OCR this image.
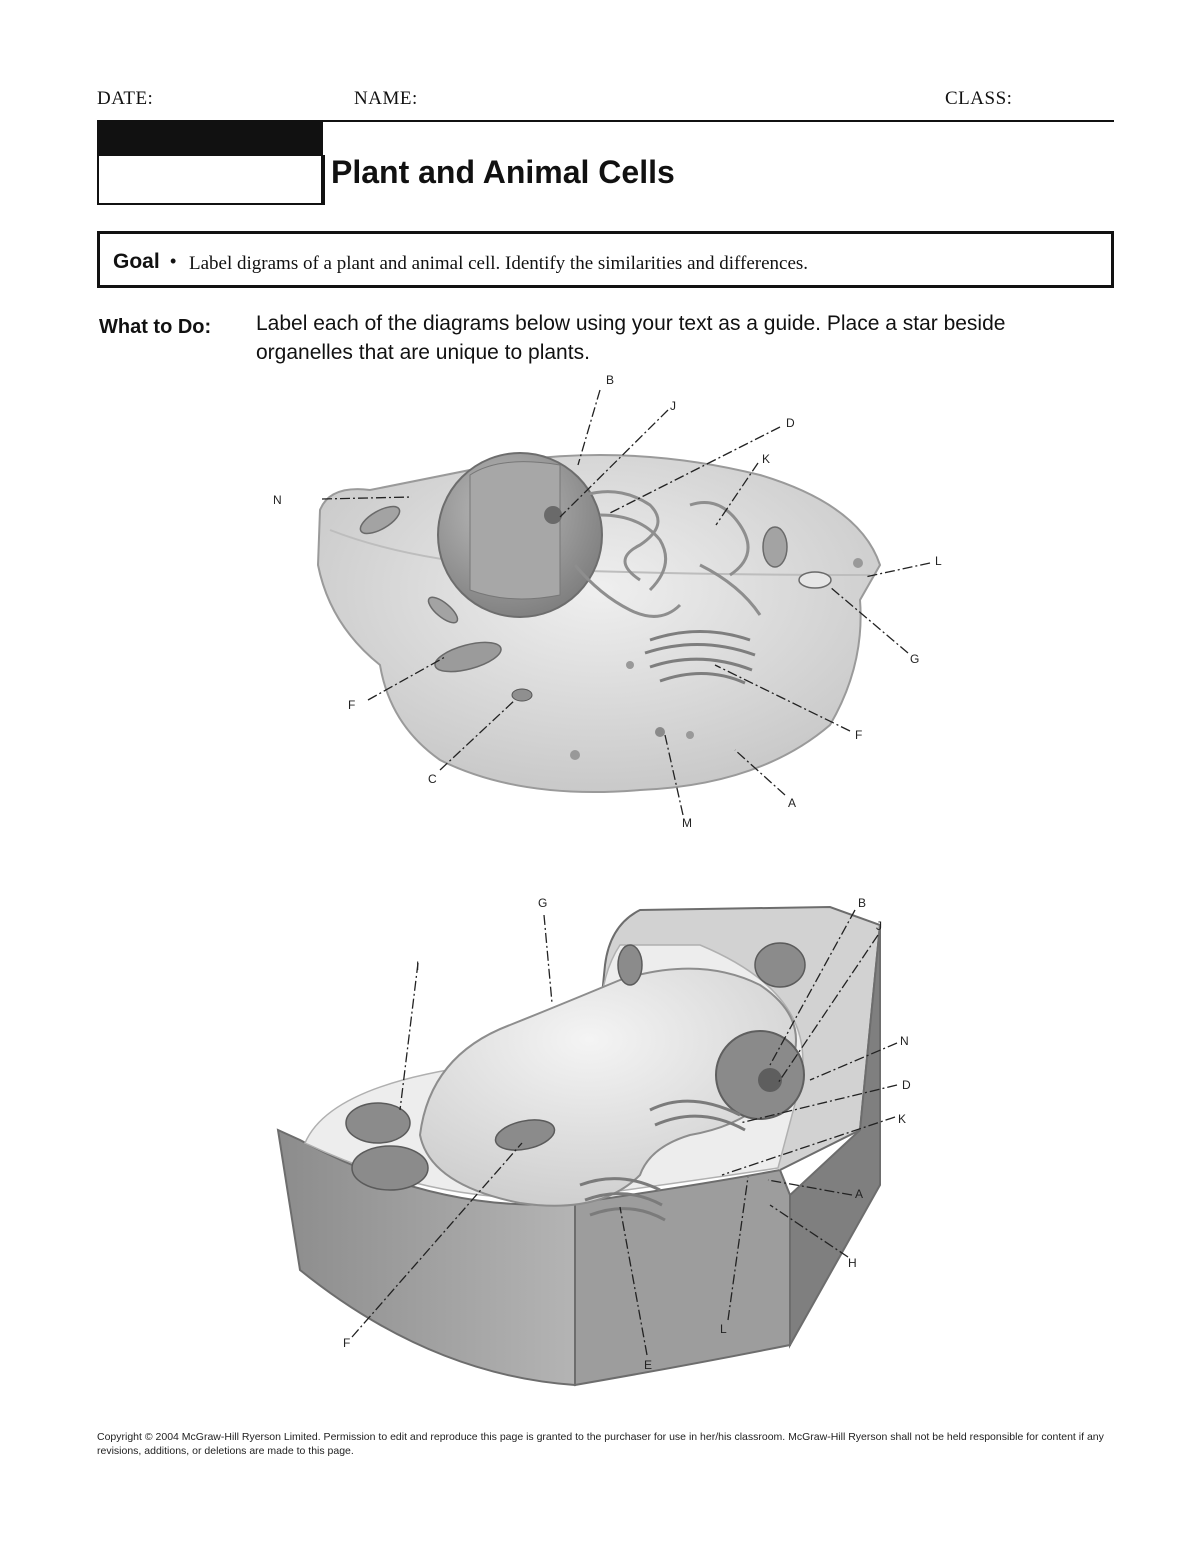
DATE:	NAME:	CLASS:
Plant and Animal Cells
Goal • Label digrams of a plant and animal cell. Identify the similarities and differences.
What to Do: Label each of the diagrams below using your text as a guide. Place a star beside organelles that are unique to plants.
B
J
D
K
N
L
G
F
F
C
M
A
G
I
B
J
N
D
K
A
H
L
F
E
Copyright © 2004 McGraw-Hill Ryerson Limited. Permission to edit and reproduce this page is granted to the purchaser for use in her/his classroom. McGraw-Hill Ryerson shall not be held responsible for content if any revisions, additions, or deletions are made to this page.
